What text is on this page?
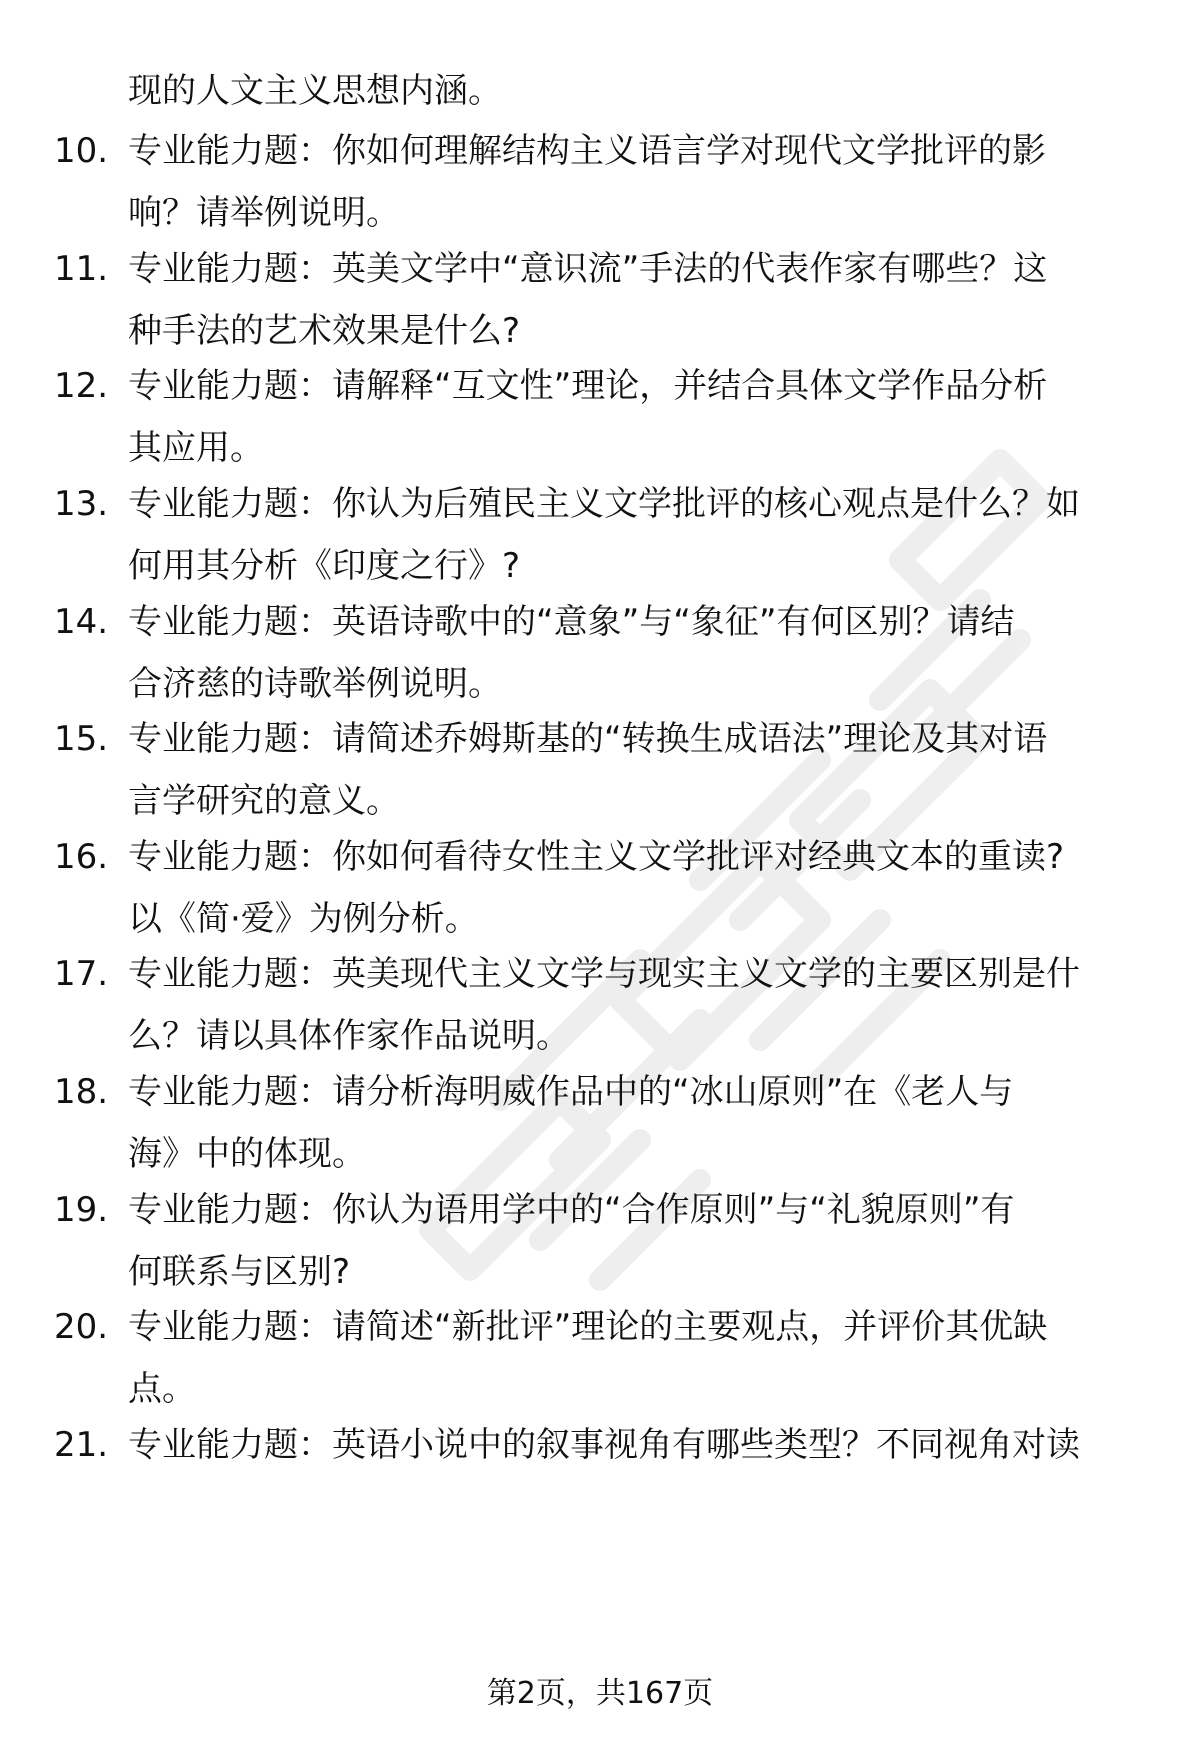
现的人文主义思想内涵。
10. 专业能力题：你如何理解结构主义语言学对现代文学批评的影
响？请举例说明。
11. 专业能力题：英美文学中“意识流”手法的代表作家有哪些？这
种手法的艺术效果是什么?
12. 专业能力题：请解释“互文性”理论，并结合具体文学作品分析
其应用。
13. 专业能力题：你认为后殖民主义文学批评的核心观点是什么？如
何用其分析《印度之行》?
14. 专业能力题：英语诗歌中的“意象”与“象征”有何区别？请结
合济慈的诗歌举例说明。
15. 专业能力题：请简述乔姆斯基的“转换生成语法”理论及其对语
言学研究的意义。
16. 专业能力题：你如何看待女性主义文学批评对经典文本的重读?
以《简·爱》为例分析。
17. 专业能力题：英美现代主义文学与现实主义文学的主要区别是什
么？请以具体作家作品说明。
18. 专业能力题：请分析海明威作品中的“冰山原则”在《老人与
海》中的体现。
19. 专业能力题：你认为语用学中的“合作原则”与“礼貌原则”有
何联系与区别?
20. 专业能力题：请简述“新批评”理论的主要观点，并评价其优缺
点。
21. 专业能力题：英语小说中的叙事视角有哪些类型？不同视角对读
第2页，共167页
